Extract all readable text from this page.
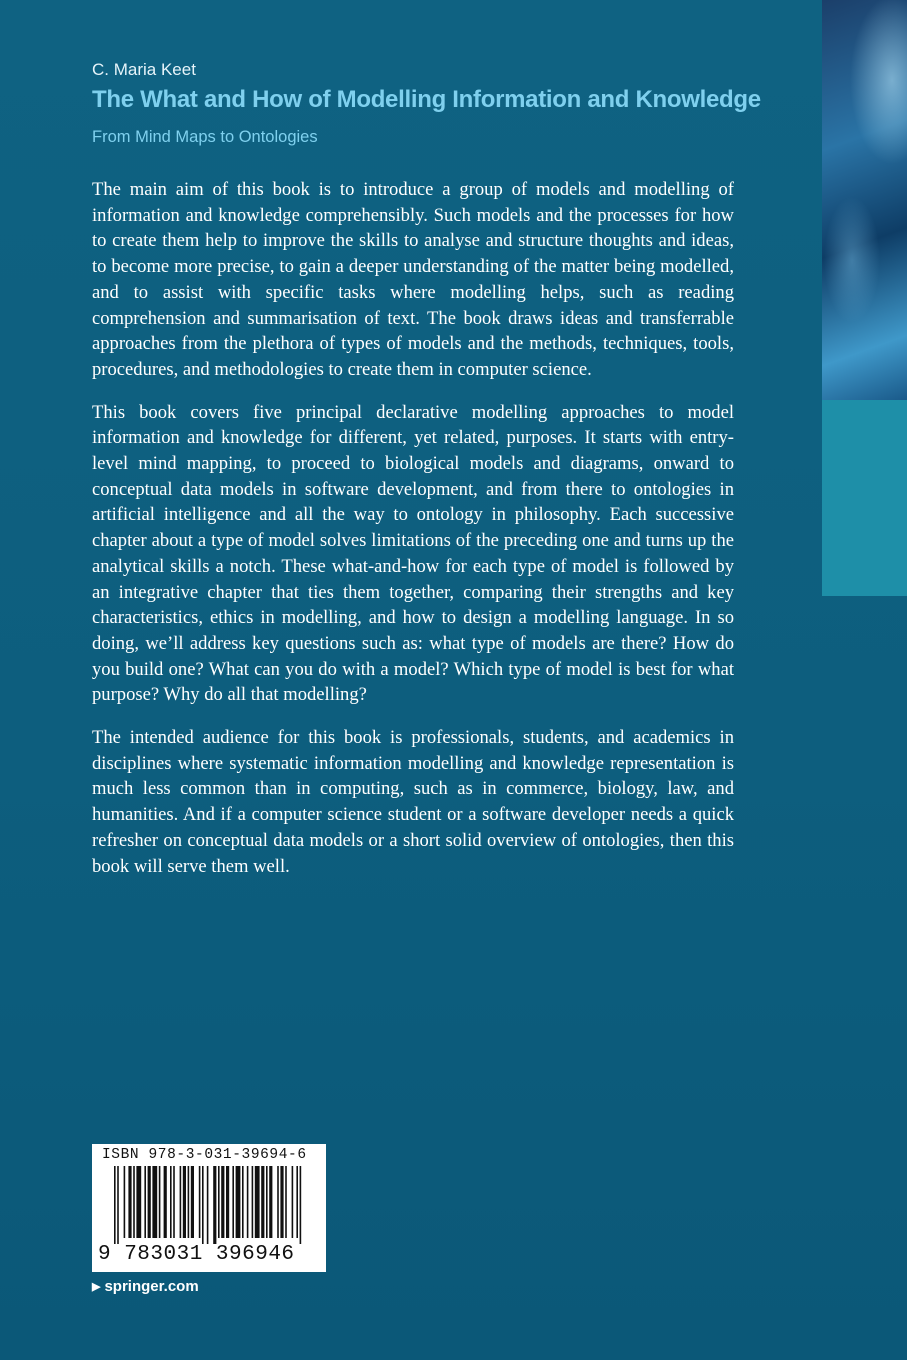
C. Maria Keet

The What and How of Modelling Information and Knowledge

From Mind Maps to Ontologies

The main aim of this book is to introduce a group of models and modelling of information and knowledge comprehensibly. Such models and the processes for how to create them help to improve the skills to analyse and structure thoughts and ideas, to become more precise, to gain a deeper understanding of the matter being modelled, and to assist with specific tasks where modelling helps, such as reading comprehension and summarisation of text. The book draws ideas and transferrable approaches from the plethora of types of models and the methods, techniques, tools, procedures, and methodologies to create them in computer science.

This book covers five principal declarative modelling approaches to model information and knowledge for different, yet related, purposes. It starts with entry-level mind mapping, to proceed to biological models and diagrams, onward to conceptual data models in software development, and from there to ontologies in artificial intelligence and all the way to ontology in philosophy. Each successive chapter about a type of model solves limitations of the preceding one and turns up the analytical skills a notch. These what-and-how for each type of model is followed by an integrative chapter that ties them together, comparing their strengths and key characteristics, ethics in modelling, and how to design a modelling language. In so doing, we’ll address key questions such as: what type of models are there? How do you build one? What can you do with a model? Which type of model is best for what purpose? Why do all that modelling?

The intended audience for this book is professionals, students, and academics in disciplines where systematic information modelling and knowledge representation is much less common than in computing, such as in commerce, biology, law, and humanities. And if a computer science student or a software developer needs a quick refresher on conceptual data models or a short solid overview of ontologies, then this book will serve them well.

ISBN 978-3-031-39694-6
9 783031 396946
▶ springer.com
